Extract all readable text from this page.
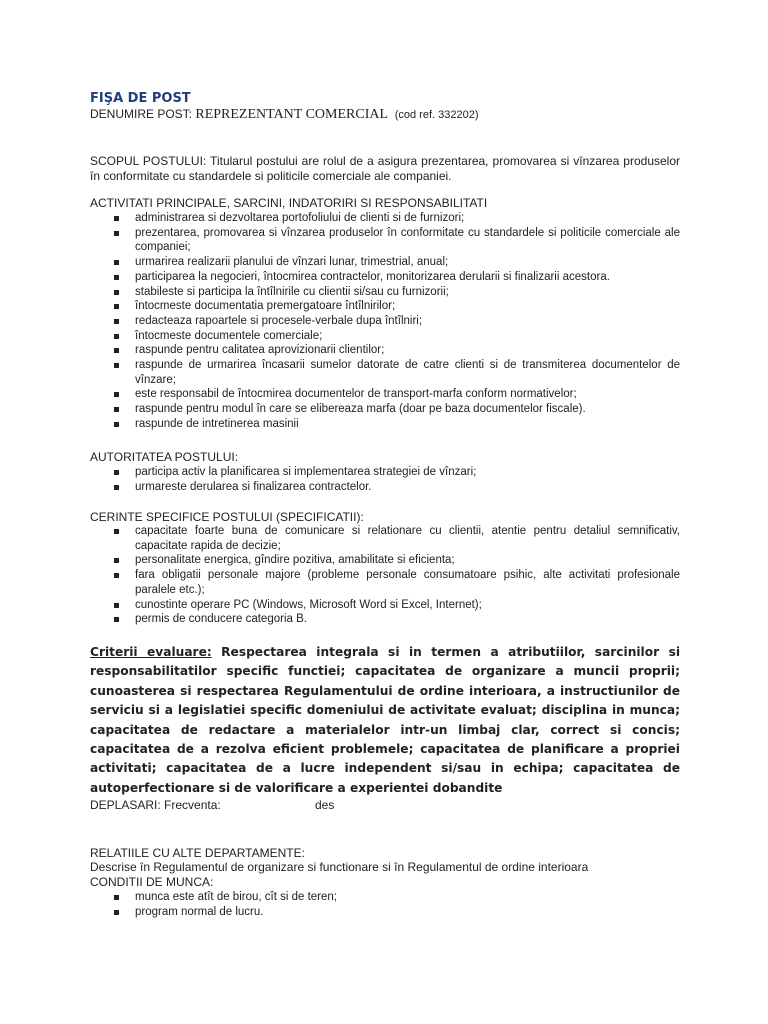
FIŞA DE POST
DENUMIRE POST: REPREZENTANT COMERCIAL (cod ref. 332202)
SCOPUL POSTULUI: Titularul postului are rolul de a asigura prezentarea, promovarea si vînzarea produselor în conformitate cu standardele si politicile comerciale ale companiei.
ACTIVITATI PRINCIPALE, SARCINI, INDATORIRI SI RESPONSABILITATI
administrarea si dezvoltarea portofoliului de clienti si de furnizori;
prezentarea, promovarea si vînzarea produselor în conformitate cu standardele si politicile comerciale ale companiei;
urmarirea realizarii planului de vînzari lunar, trimestrial, anual;
participarea la negocieri, întocmirea contractelor, monitorizarea derularii si finalizarii acestora.
stabileste si participa la întîlnirile cu clientii si/sau cu furnizorii;
întocmeste documentatia premergatoare întîlnirilor;
redacteaza rapoartele si procesele-verbale dupa întîlniri;
întocmeste documentele comerciale;
raspunde pentru calitatea aprovizionarii clientilor;
raspunde de urmarirea încasarii sumelor datorate de catre clienti si de transmiterea documentelor de vînzare;
este responsabil de întocmirea documentelor de transport-marfa conform normativelor;
raspunde pentru modul în care se elibereaza marfa (doar pe baza documentelor fiscale).
raspunde de intretinerea masinii
AUTORITATEA POSTULUI:
participa activ la planificarea si implementarea strategiei de vînzari;
urmareste derularea si finalizarea contractelor.
CERINTE SPECIFICE POSTULUI (SPECIFICATII):
capacitate foarte buna de comunicare si relationare cu clientii, atentie pentru detaliul semnificativ, capacitate rapida de decizie;
personalitate energica, gîndire pozitiva, amabilitate si eficienta;
fara obligatii personale majore (probleme personale consumatoare psihic, alte activitati profesionale paralele etc.);
cunostinte operare PC (Windows, Microsoft Word si Excel, Internet);
permis de conducere categoria B.
Criterii evaluare: Respectarea integrala si in termen a atributiilor, sarcinilor si responsabilitatilor specific functiei; capacitatea de organizare a muncii proprii; cunoasterea si respectarea Regulamentului de ordine interioara, a instructiunilor de serviciu si a legislatiei specific domeniului de activitate evaluat; disciplina in munca; capacitatea de redactare a materialelor intr-un limbaj clar, correct si concis; capacitatea de a rezolva eficient problemele; capacitatea de planificare a propriei activitati; capacitatea de a lucre independent si/sau in echipa; capacitatea de autoperfectionare si de valorificare a experientei dobandite
DEPLASARI: Frecventa:	des
RELATIILE CU ALTE DEPARTAMENTE:
Descrise în Regulamentul de organizare si functionare si în Regulamentul de ordine interioara
CONDITII DE MUNCA:
munca este atît de birou, cît si de teren;
program normal de lucru.
